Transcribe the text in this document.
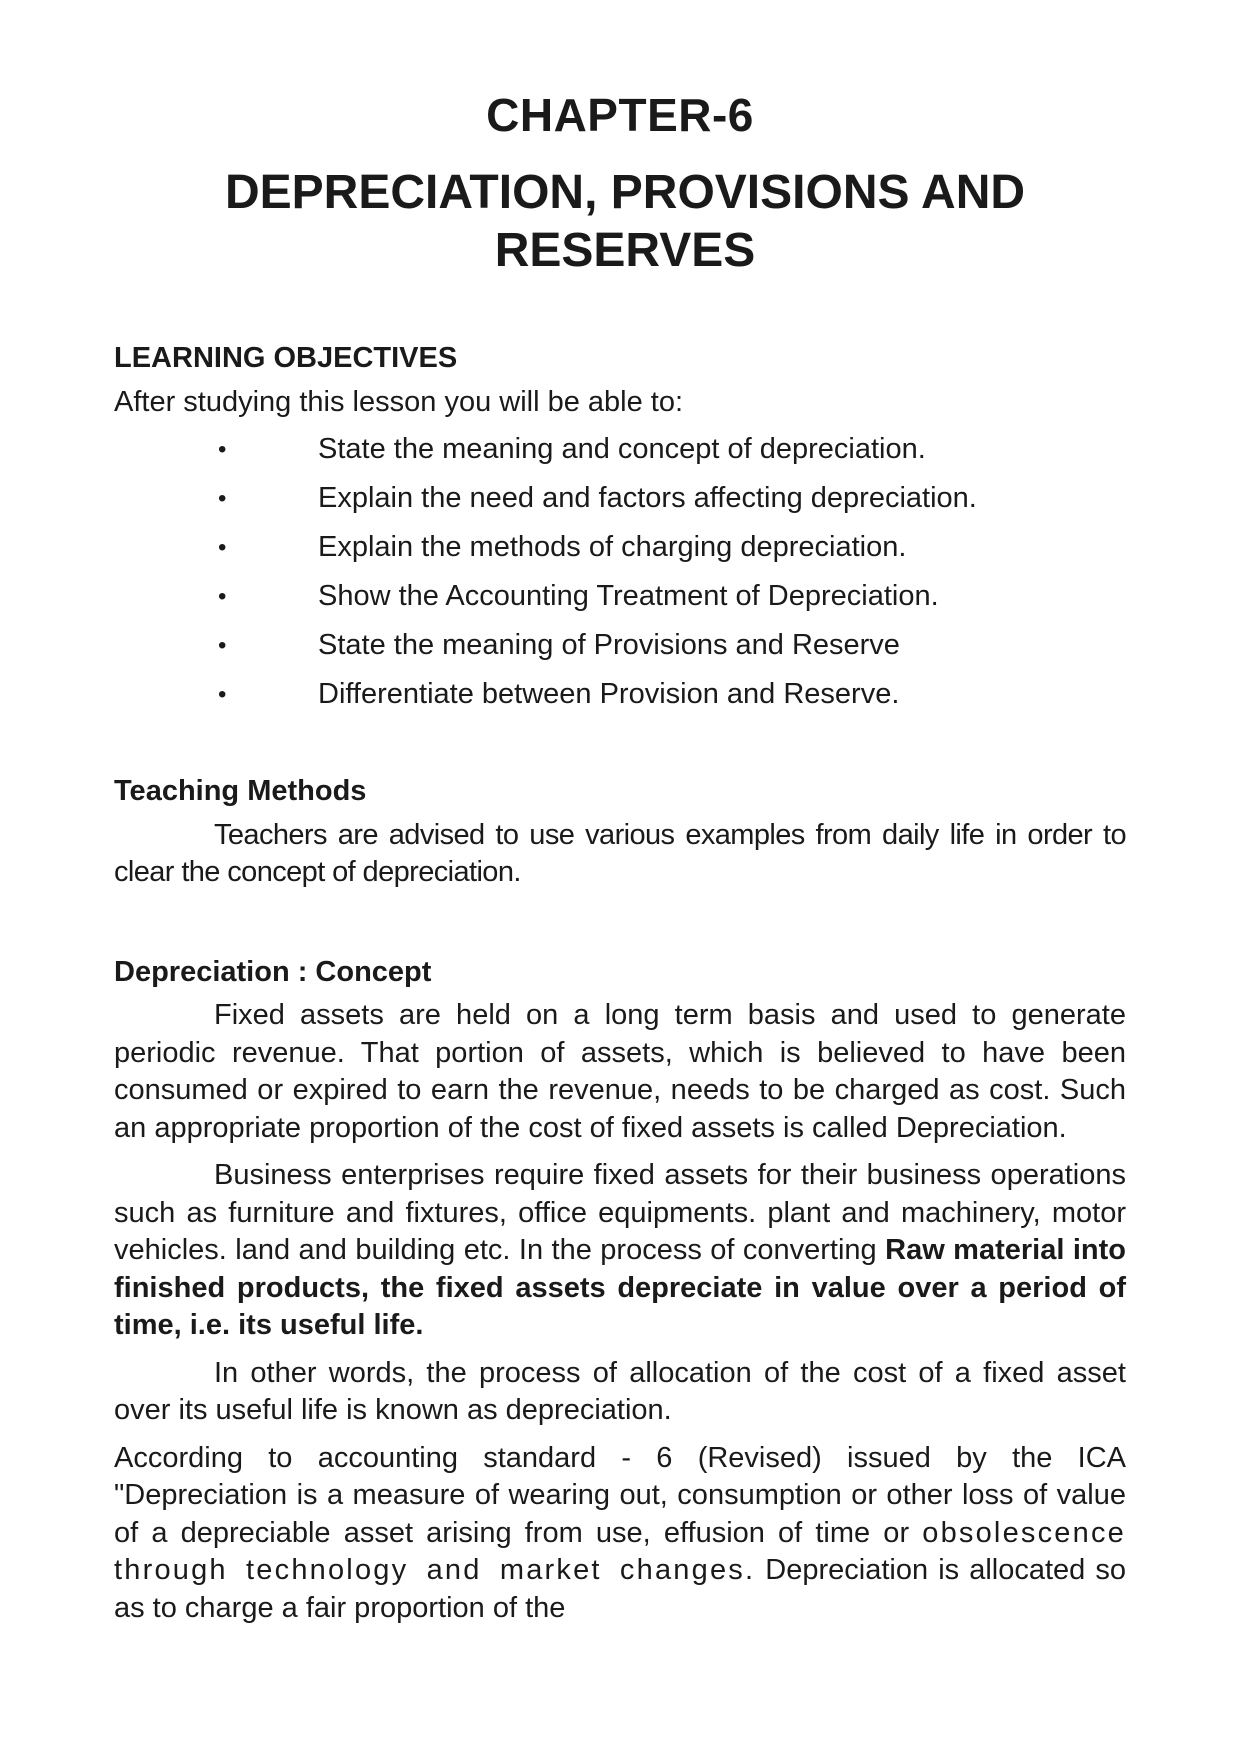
CHAPTER-6
DEPRECIATION, PROVISIONS AND RESERVES

LEARNING OBJECTIVES

After studying this lesson you will be able to:

•	State the meaning and concept of depreciation.
•	Explain the need and factors affecting depreciation.
•	Explain the methods of charging depreciation.
•	Show the Accounting Treatment of Depreciation.
•	State the meaning of Provisions and Reserve
•	Differentiate between Provision and Reserve.

Teaching Methods

Teachers are advised to use various examples from daily life in order to clear the concept of depreciation.

Depreciation : Concept

Fixed assets are held on a long term basis and used to generate periodic revenue. That portion of assets, which is believed to have been consumed or expired to earn the revenue, needs to be charged as cost. Such an appropriate proportion of the cost of fixed assets is called Depreciation.

Business enterprises require fixed assets for their business operations such as furniture and fixtures, office equipments. plant and machinery, motor vehicles. land and building etc. In the process of converting Raw material into finished products, the fixed assets depreciate in value over a period of time, i.e. its useful life.

In other words, the process of allocation of the cost of a fixed asset over its useful life is known as depreciation.

According to accounting standard - 6 (Revised) issued by the ICA "Depreciation is a measure of wearing out, consumption or other loss of value of a depreciable asset arising from use, effusion of time or obsolescence through technology and market changes. Depreciation is allocated so as to charge a fair proportion of the
